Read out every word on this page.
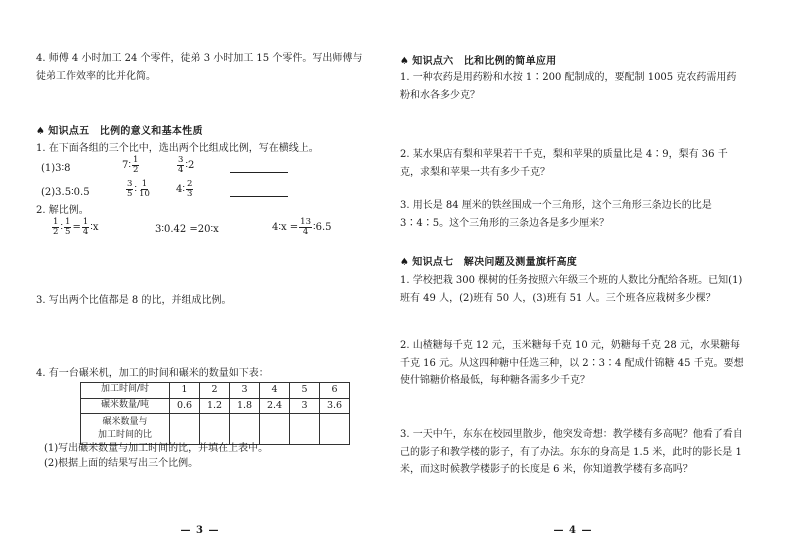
4. 师傅 4 小时加工 24 个零件，徒弟 3 小时加工 15 个零件。写出师傅与徒弟工作效率的比并化简。
♠ 知识点五　比例的意义和基本性质
1. 在下面各组的三个比中，选出两个比组成比例，写在横线上。
(1)3∶8	7∶ $\frac{1}{2}$	$\frac{3}{4}$ ∶2
(2)3.5∶0.5	$\frac{3}{5}$ ∶ $\frac{1}{10}$	4∶ $\frac{2}{3}$
2. 解比例。
$\frac{1}{2}$ ∶ $\frac{1}{5} = \frac{1}{4}$ ∶x	3∶0.42 =20∶x	4∶x = $\frac{13}{4}$ ∶6.5
3. 写出两个比值都是 8 的比，并组成比例。
4. 有一台碾米机，加工的时间和碾米的数量如下表：
加工时间/时	1	2	3	4	5	6
碾米数量/吨	0.6	1.2	1.8	2.4	3	3.6

碾米数量与
加工时间的比						

(1)写出碾米数量与加工时间的比，并填在上表中。
(2)根据上面的结果写出三个比例。
— 3 —
♠ 知识点六　比和比例的简单应用
1. 一种农药是用药粉和水按 1∶200 配制成的，要配制 1005 克农药需用药粉和水各多少克？
2. 某水果店有梨和苹果若干千克，梨和苹果的质量比是 4∶9，梨有 36 千克，求梨和苹果一共有多少千克？
3. 用长是 84 厘米的铁丝围成一个三角形，这个三角形三条边长的比是 3∶4∶5。这个三角形的三条边各是多少厘米？
♠ 知识点七　解决问题及测量旗杆高度
1. 学校把栽 300 棵树的任务按照六年级三个班的人数比分配给各班。已知(1)班有 49 人，(2)班有 50 人，(3)班有 51 人。三个班各应栽树多少棵？
2. 山楂糖每千克 12 元，玉米糖每千克 10 元，奶糖每千克 28 元，水果糖每千克 16 元。从这四种糖中任选三种，以 2∶3∶4 配成什锦糖 45 千克。要想使什锦糖价格最低，每种糖各需多少千克？
3. 一天中午，东东在校园里散步，他突发奇想：教学楼有多高呢？他看了看自己的影子和教学楼的影子，有了办法。东东的身高是 1.5 米，此时的影长是 1 米，而这时候教学楼影子的长度是 6 米，你知道教学楼有多高吗？
— 4 —
